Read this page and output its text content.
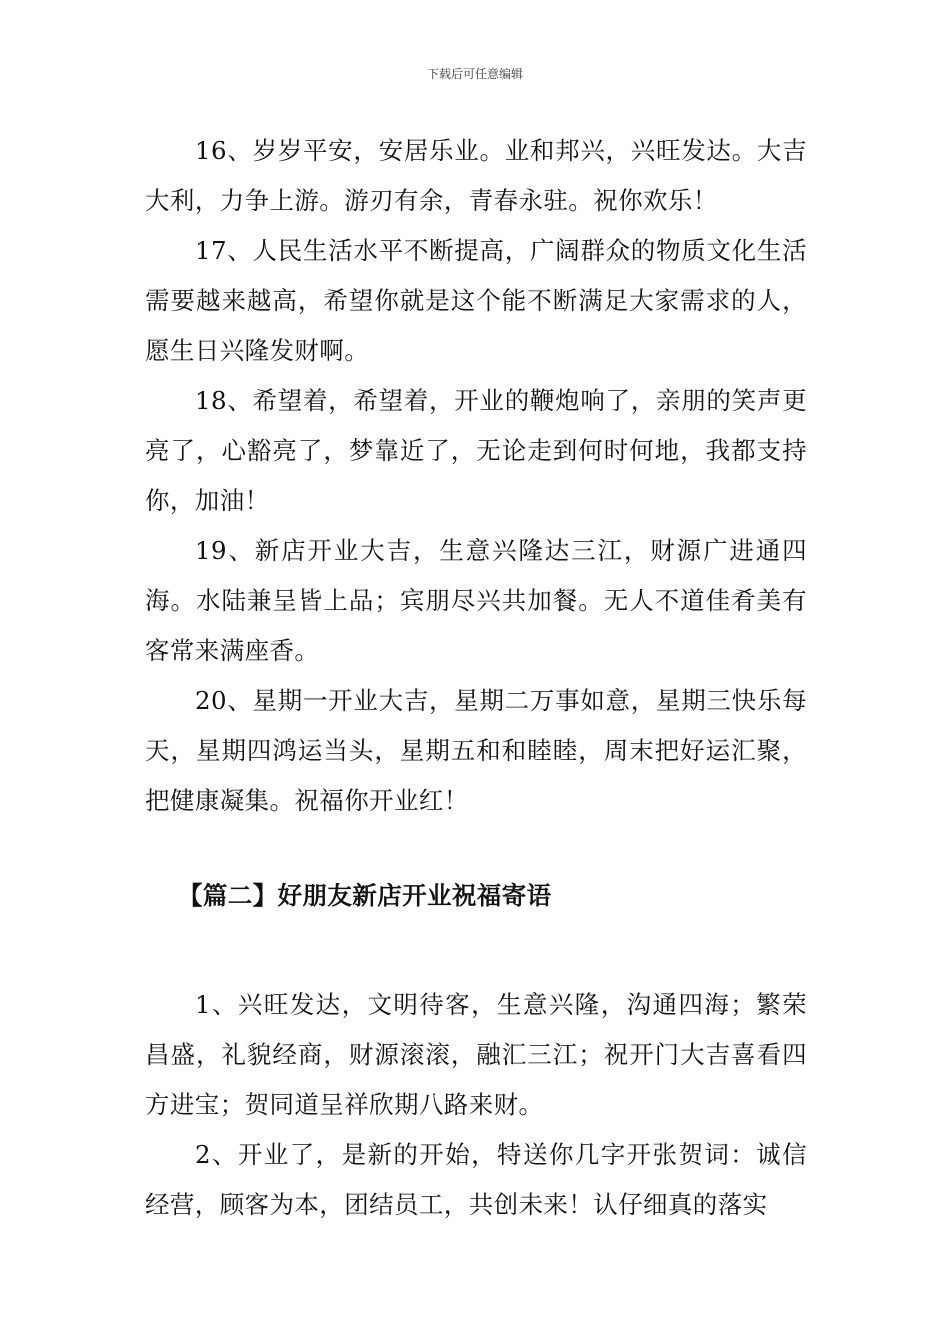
下载后可任意编辑

16、岁岁平安，安居乐业。业和邦兴，兴旺发达。大吉大利，力争上游。游刃有余，青春永驻。祝你欢乐！

17、人民生活水平不断提高，广阔群众的物质文化生活需要越来越高，希望你就是这个能不断满足大家需求的人，愿生日兴隆发财啊。

18、希望着，希望着，开业的鞭炮响了，亲朋的笑声更亮了，心豁亮了，梦靠近了，无论走到何时何地，我都支持你，加油！

19、新店开业大吉，生意兴隆达三江，财源广进通四海。水陆兼呈皆上品；宾朋尽兴共加餐。无人不道佳肴美有客常来满座香。

20、星期一开业大吉，星期二万事如意，星期三快乐每天，星期四鸿运当头，星期五和和睦睦，周末把好运汇聚，把健康凝集。祝福你开业红！

【篇二】好朋友新店开业祝福寄语

1、兴旺发达，文明待客，生意兴隆，沟通四海；繁荣昌盛，礼貌经商，财源滚滚，融汇三江；祝开门大吉喜看四方进宝；贺同道呈祥欣期八路来财。

2、开业了，是新的开始，特送你几字开张贺词：诚信经营，顾客为本，团结员工，共创未来！认仔细真的落实
